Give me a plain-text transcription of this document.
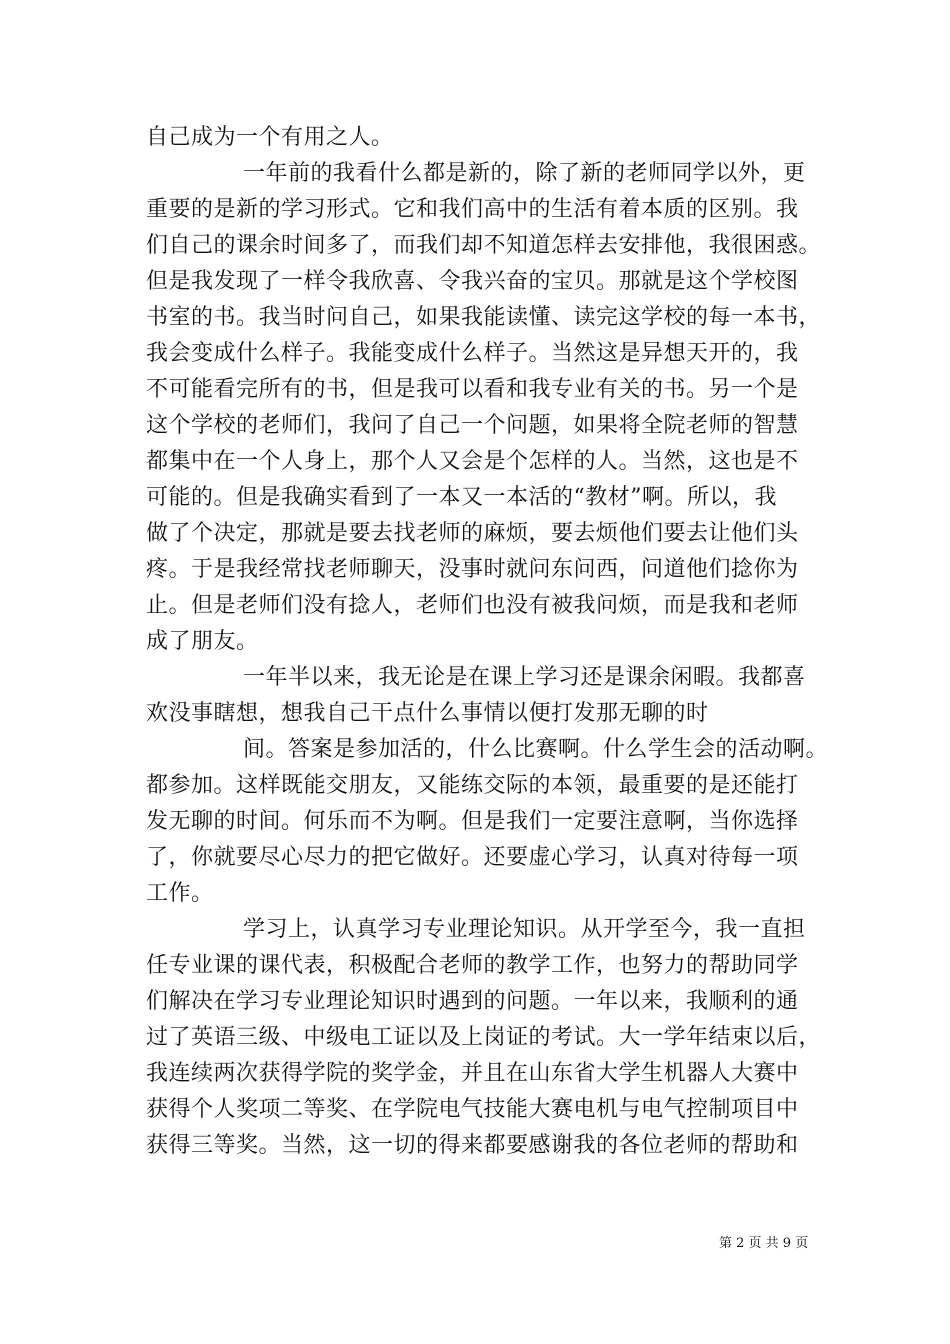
自己成为一个有用之人。
一年前的我看什么都是新的，除了新的老师同学以外，更
重要的是新的学习形式。它和我们高中的生活有着本质的区别。我
们自己的课余时间多了，而我们却不知道怎样去安排他，我很困惑。
但是我发现了一样令我欣喜、令我兴奋的宝贝。那就是这个学校图
书室的书。我当时问自己，如果我能读懂、读完这学校的每一本书，
我会变成什么样子。我能变成什么样子。当然这是异想天开的，我
不可能看完所有的书，但是我可以看和我专业有关的书。另一个是
这个学校的老师们，我问了自己一个问题，如果将全院老师的智慧
都集中在一个人身上，那个人又会是个怎样的人。当然，这也是不
可能的。但是我确实看到了一本又一本活的“教材”啊。所以，我
做了个决定，那就是要去找老师的麻烦，要去烦他们要去让他们头
疼。于是我经常找老师聊天，没事时就问东问西，问道他们捻你为
止。但是老师们没有捻人，老师们也没有被我问烦，而是我和老师
成了朋友。
一年半以来，我无论是在课上学习还是课余闲暇。我都喜
欢没事瞎想，想我自己干点什么事情以便打发那无聊的时
间。答案是参加活的，什么比赛啊。什么学生会的活动啊。
都参加。这样既能交朋友，又能练交际的本领，最重要的是还能打
发无聊的时间。何乐而不为啊。但是我们一定要注意啊，当你选择
了，你就要尽心尽力的把它做好。还要虚心学习，认真对待每一项
工作。
学习上，认真学习专业理论知识。从开学至今，我一直担
任专业课的课代表，积极配合老师的教学工作，也努力的帮助同学
们解决在学习专业理论知识时遇到的问题。一年以来，我顺利的通
过了英语三级、中级电工证以及上岗证的考试。大一学年结束以后，
我连续两次获得学院的奖学金，并且在山东省大学生机器人大赛中
获得个人奖项二等奖、在学院电气技能大赛电机与电气控制项目中
获得三等奖。当然，这一切的得来都要感谢我的各位老师的帮助和
第 2 页 共 9 页
